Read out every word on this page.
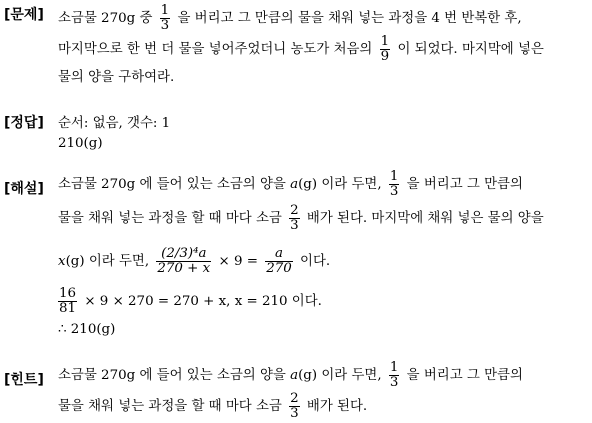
[문제] 소금물 270g 중 $\frac{1}{3}$ 을 버리고 그 만큼의 물을 채워 넣는 과정을 4 번 반복한 후,
마지막으로 한 번 더 물을 넣어주었더니 농도가 처음의 $\frac{1}{9}$ 이 되었다. 마지막에 넣은
물의 양을 구하여라.
[정답] 순서: 없음, 갯수: 1
210(g)
[해설] 소금물 270g 에 들어 있는 소금의 양을 a(g) 이라 두면, $\frac{1}{3}$ 을 버리고 그 만큼의
물을 채워 넣는 과정을 할 때 마다 소금 $\frac{2}{3}$ 배가 된다. 마지막에 채워 넣은 물의 양을
x(g) 이라 두면, $\frac{\text{(2/3)⁴a}}{270 + x} \times 9 = \frac{a}{270}$ 이다.
$\frac{16}{81} \times 9 \times 270 = 270 + x$, x = 210 이다.
∴ 210(g)
[힌트] 소금물 270g 에 들어 있는 소금의 양을 a(g) 이라 두면, $\frac{1}{3}$ 을 버리고 그 만큼의
물을 채워 넣는 과정을 할 때 마다 소금 $\frac{2}{3}$ 배가 된다.
